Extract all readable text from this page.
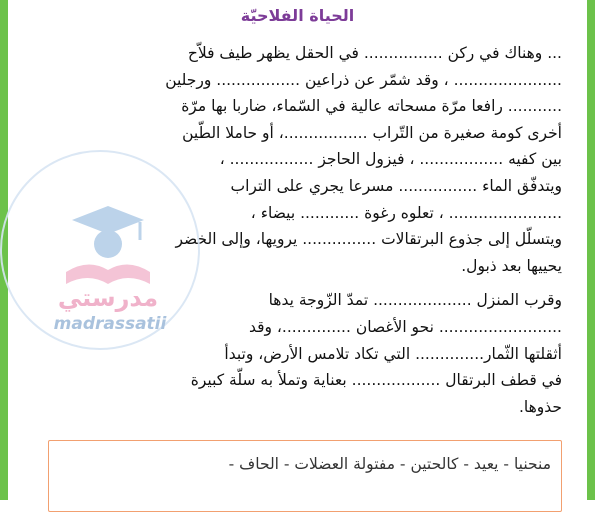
الحياة الفلاحيّة
... وهناك في ركن ................ في الحقل يظهر طيف فلاّح
...................... ، وقد شمّر عن ذراعين ................. ورجلين
........... رافعا مرّة مسحاته عالية في السّماء، ضاربا بها مرّة
أخرى كومة صغيرة من التّراب .................، أو حاملا الطّين
بين كفيه ................. ، فيزول الحاجز ................. ،
ويتدفّق الماء ................ مسرعا يجري على التراب
....................... ، تعلوه رغوة ............ بيضاء ،
ويتسلّل إلى جذوع البرتقالات ............... يرويها، وإلى الخضر
يحييها بعد ذبول.
وقرب المنزل .................... تمدّ الزّوجة يدها
......................... نحو الأغصان ..............، وقد
أثقلتها الثّمار.............. التي تكاد تلامس الأرض، وتبدأ
في قطف البرتقال .................. بعناية وتملأ به سلّة كبيرة
حذوها.
مدرستي
madrassatii
منحنيا - يعيد - كالحتين - مفتولة العضلات - الحاف -
